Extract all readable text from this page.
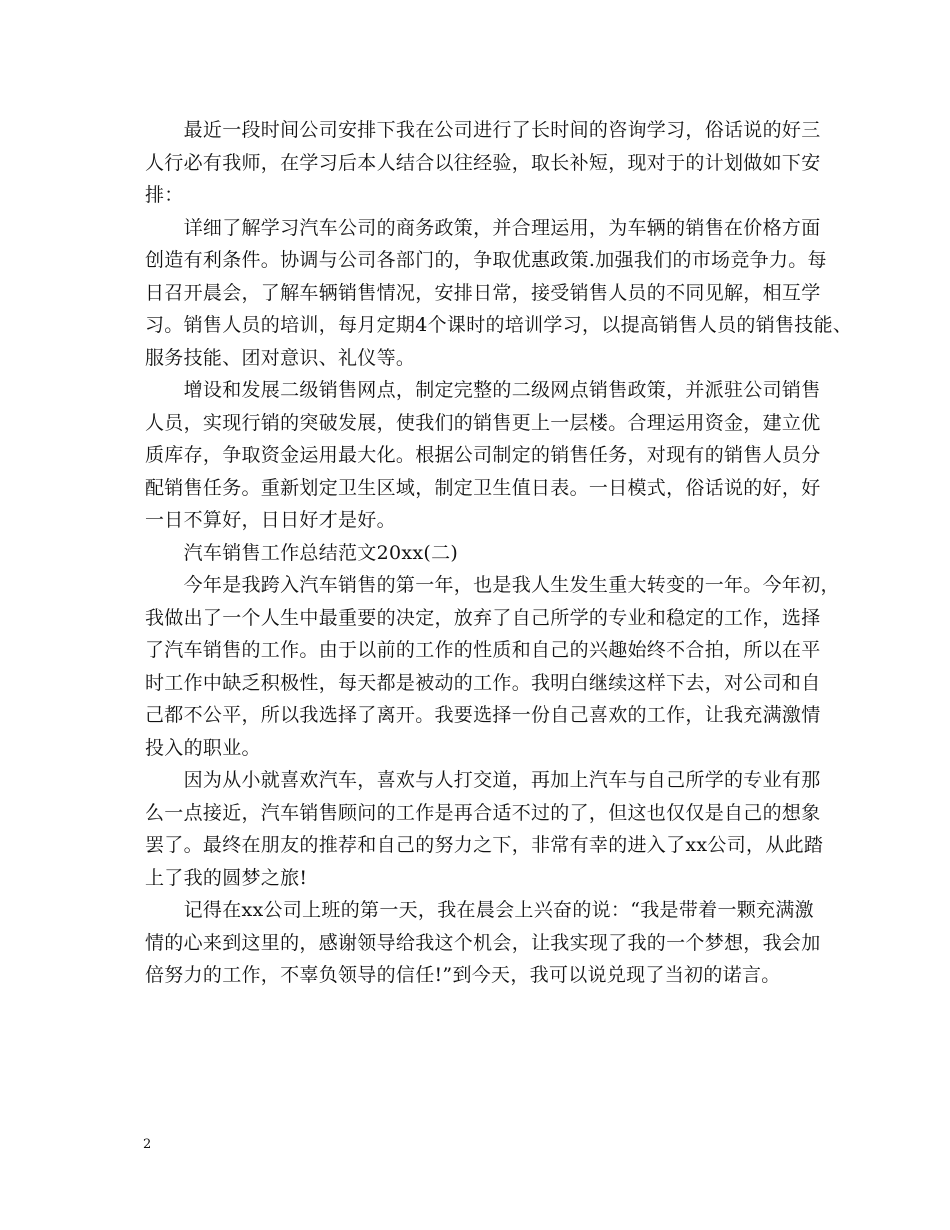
　　最近一段时间公司安排下我在公司进行了长时间的咨询学习，俗话说的好三
人行必有我师，在学习后本人结合以往经验，取长补短，现对于的计划做如下安
排：
　　详细了解学习汽车公司的商务政策，并合理运用，为车辆的销售在价格方面
创造有利条件。协调与公司各部门的，争取优惠政策.加强我们的市场竞争力。每
日召开晨会，了解车辆销售情况，安排日常，接受销售人员的不同见解，相互学
习。销售人员的培训，每月定期4个课时的培训学习，以提高销售人员的销售技能、
服务技能、团对意识、礼仪等。
　　增设和发展二级销售网点，制定完整的二级网点销售政策，并派驻公司销售
人员，实现行销的突破发展，使我们的销售更上一层楼。合理运用资金，建立优
质库存，争取资金运用最大化。根据公司制定的销售任务，对现有的销售人员分
配销售任务。重新划定卫生区域，制定卫生值日表。一日模式，俗话说的好，好
一日不算好，日日好才是好。
　　汽车销售工作总结范文20xx(二)
　　今年是我跨入汽车销售的第一年，也是我人生发生重大转变的一年。今年初，
我做出了一个人生中最重要的决定，放弃了自己所学的专业和稳定的工作，选择
了汽车销售的工作。由于以前的工作的性质和自己的兴趣始终不合拍，所以在平
时工作中缺乏积极性，每天都是被动的工作。我明白继续这样下去，对公司和自
己都不公平，所以我选择了离开。我要选择一份自己喜欢的工作，让我充满激情
投入的职业。
　　因为从小就喜欢汽车，喜欢与人打交道，再加上汽车与自己所学的专业有那
么一点接近，汽车销售顾问的工作是再合适不过的了，但这也仅仅是自己的想象
罢了。最终在朋友的推荐和自己的努力之下，非常有幸的进入了xx公司，从此踏
上了我的圆梦之旅!
　　记得在xx公司上班的第一天，我在晨会上兴奋的说：“我是带着一颗充满激
情的心来到这里的，感谢领导给我这个机会，让我实现了我的一个梦想，我会加
倍努力的工作，不辜负领导的信任!”到今天，我可以说兑现了当初的诺言。
2
